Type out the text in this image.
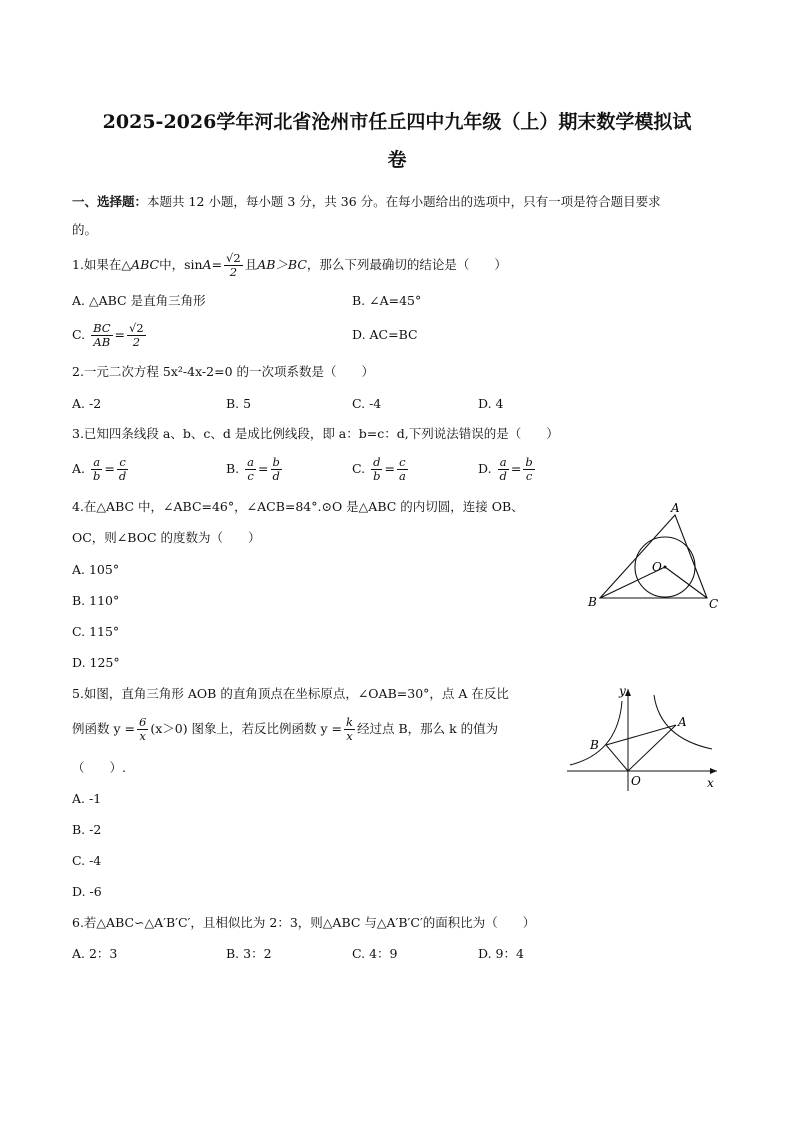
2025-2026学年河北省沧州市任丘四中九年级（上）期末数学模拟试
卷
一、选择题：本题共 12 小题，每小题 3 分，共 36 分。在每小题给出的选项中，只有一项是符合题目要求
的。
1.如果在△ABC中，$\sin A= \frac{√2}{2}$ 且AB＞BC，那么下列最确切的结论是（　　）
A. △ABC 是直角三角形	B. ∠A=45°
C. $\frac{BC}{AB} = \frac{√2}{2}$	D. AC=BC
2.一元二次方程 5x²-4x-2=0 的一次项系数是（　　）
A. -2	B. 5	C. -4	D. 4
3.已知四条线段 a、b、c、d 是成比例线段，即 a：b=c：d,下列说法错误的是（　　）
A. $\frac{a}{b} = \frac{c}{d}$	B. $\frac{a}{c} = \frac{b}{d}$	C. $\frac{d}{b} = \frac{c}{a}$	D. $\frac{a}{d} = \frac{b}{c}$
4.在△ABC 中，∠ABC=46°，∠ACB=84°.⊙O 是△ABC 的内切圆，连接 OB、
OC，则∠BOC 的度数为（　　）
A. 105°
B. 110°
C. 115°
D. 125°
A
B	C
O
5.如图，直角三角形 AOB 的直角顶点在坐标原点，∠OAB=30°，点 A 在反比
例函数 $y = \frac{6}{x} (x>0)$ 图象上，若反比例函数 $y = \frac{k}{x}$ 经过点 B，那么 k 的值为
（　　）.
A. -1
B. -2
C. -4
D. -6
y
x
O
A
B
6.若△ABC∽△A′B′C′，且相似比为 2：3，则△ABC 与△A′B′C′的面积比为（　　）
A. 2：3	B. 3：2	C. 4：9	D. 9：4
